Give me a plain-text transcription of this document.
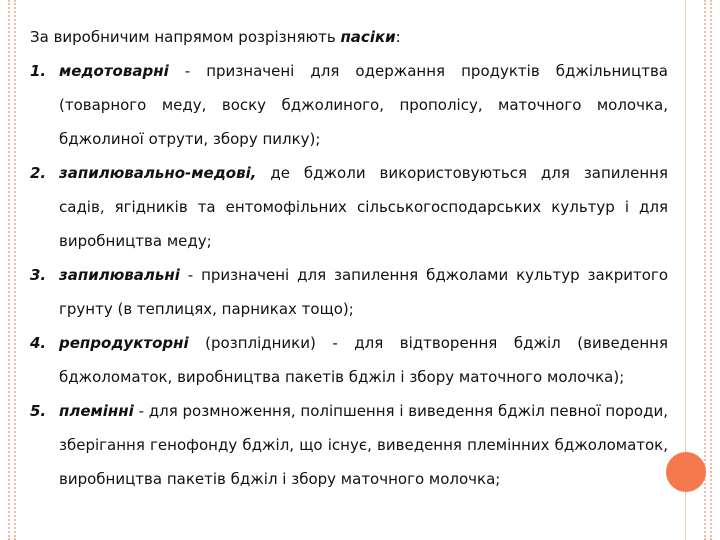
За виробничим напрямом розрізняють пасіки:

1. медотоварні - призначені для одержання продуктів бджільництва (товарного меду, воску бджолиного, прополісу, маточного молочка, бджолиної отрути, збору пилку);
2. запилювально-медові, де бджоли використовуються для запилення садів, ягідників та ентомофільних сільськогосподарських культур і для виробництва меду;
3. запилювальні - призначені для запилення бджолами культур закритого грунту (в теплицях, парниках тощо);
4. репродукторні (розплідники) - для відтворення бджіл (виведення бджоломаток, виробництва пакетів бджіл і збору маточного молочка);
5. племінні - для розмноження, поліпшення і виведення бджіл певної породи, зберігання генофонду бджіл, що існує, виведення племінних бджоломаток, виробництва пакетів бджіл і збору маточного молочка;
